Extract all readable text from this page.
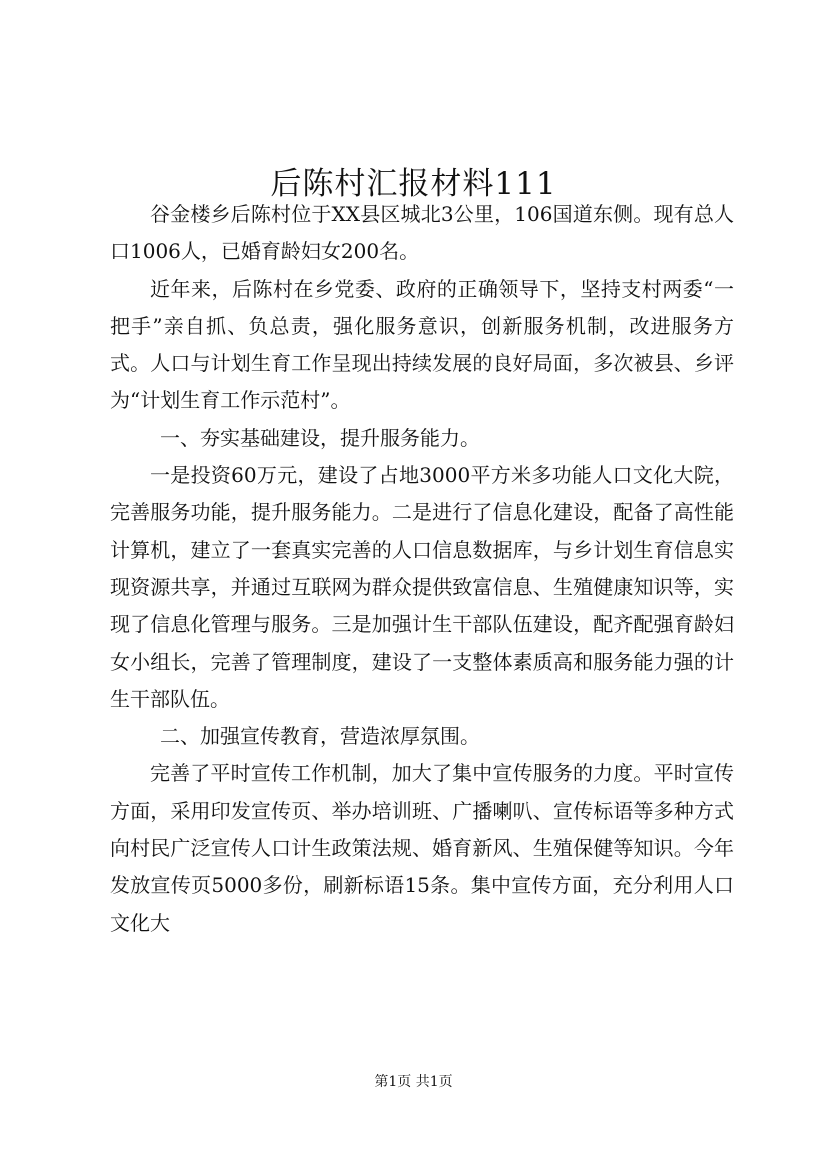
后陈村汇报材料111

谷金楼乡后陈村位于XX县区城北3公里，106国道东侧。现有总人口1006人，已婚育龄妇女200名。

近年来，后陈村在乡党委、政府的正确领导下，坚持支村两委“一把手”亲自抓、负总责，强化服务意识，创新服务机制，改进服务方式。人口与计划生育工作呈现出持续发展的良好局面，多次被县、乡评为“计划生育工作示范村”。

一、夯实基础建设，提升服务能力。

一是投资60万元，建设了占地3000平方米多功能人口文化大院，完善服务功能，提升服务能力。二是进行了信息化建设，配备了高性能计算机，建立了一套真实完善的人口信息数据库，与乡计划生育信息实现资源共享，并通过互联网为群众提供致富信息、生殖健康知识等，实现了信息化管理与服务。三是加强计生干部队伍建设，配齐配强育龄妇女小组长，完善了管理制度，建设了一支整体素质高和服务能力强的计生干部队伍。

二、加强宣传教育，营造浓厚氛围。

完善了平时宣传工作机制，加大了集中宣传服务的力度。平时宣传方面，采用印发宣传页、举办培训班、广播喇叭、宣传标语等多种方式向村民广泛宣传人口计生政策法规、婚育新风、生殖保健等知识。今年发放宣传页5000多份，刷新标语15条。集中宣传方面，充分利用人口文化大

第1页 共1页
